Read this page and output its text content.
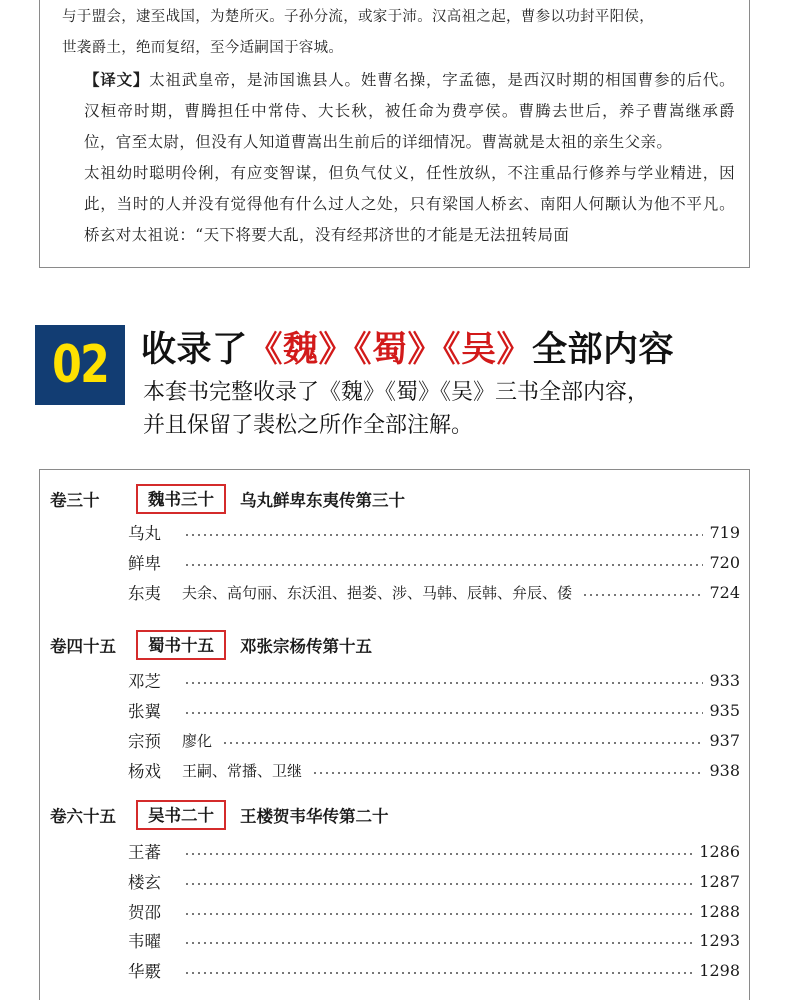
与于盟会，逮至战国，为楚所灭。子孙分流，或家于沛。汉高祖之起，曹参以功封平阳侯，
世袭爵土，绝而复绍，至今适嗣国于容城。

【译文】太祖武皇帝，是沛国谯县人。姓曹名操，字孟德，是西汉时期的相国曹参的后代。汉桓帝时期，曹腾担任中常侍、大长秋，被任命为费亭侯。曹腾去世后，养子曹嵩继承爵位，官至太尉，但没有人知道曹嵩出生前后的详细情况。曹嵩就是太祖的亲生父亲。

太祖幼时聪明伶俐，有应变智谋，但负气仗义，任性放纵，不注重品行修养与学业精进，因此，当时的人并没有觉得他有什么过人之处，只有梁国人桥玄、南阳人何颙认为他不平凡。桥玄对太祖说：“天下将要大乱，没有经邦济世的才能是无法扭转局面

02 收录了《魏》《蜀》《吴》全部内容
本套书完整收录了《魏》《蜀》《吴》三书全部内容，
并且保留了裴松之所作全部注解。
卷三十	魏书三十	乌丸鲜卑东夷传第三十
乌丸	719
鲜卑	720
东夷	夫余、高句丽、东沃沮、挹娄、涉、马韩、辰韩、弁辰、倭	724
卷四十五	蜀书十五	邓张宗杨传第十五
邓芝	933
张翼	935
宗预	廖化	937
杨戏	王嗣、常播、卫继	938
卷六十五	吴书二十	王楼贺韦华传第二十
王蕃	1286
楼玄	1287
贺邵	1288
韦曜	1293
华覈	1298
